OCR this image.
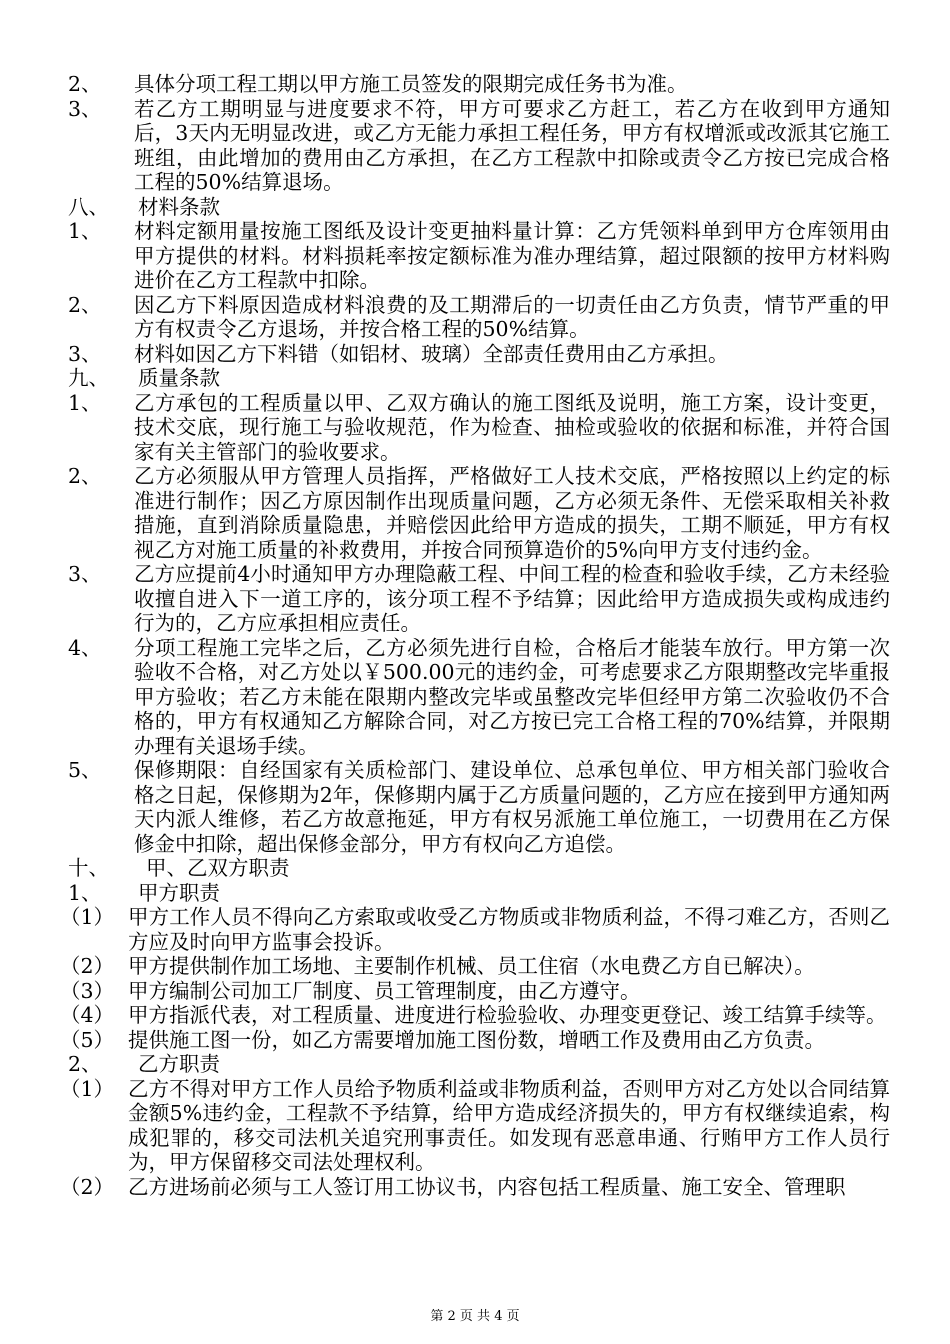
2、 具体分项工程工期以甲方施工员签发的限期完成任务书为准。
3、 若乙方工期明显与进度要求不符，甲方可要求乙方赶工，若乙方在收到甲方通知后，3天内无明显改进，或乙方无能力承担工程任务，甲方有权增派或改派其它施工班组，由此增加的费用由乙方承担，在乙方工程款中扣除或责令乙方按已完成合格工程的50%结算退场。
八、 材料条款
1、 材料定额用量按施工图纸及设计变更抽料量计算：乙方凭领料单到甲方仓库领用由甲方提供的材料。材料损耗率按定额标准为准办理结算，超过限额的按甲方材料购进价在乙方工程款中扣除。
2、 因乙方下料原因造成材料浪费的及工期滞后的一切责任由乙方负责，情节严重的甲方有权责令乙方退场，并按合格工程的50%结算。
3、 材料如因乙方下料错（如铝材、玻璃）全部责任费用由乙方承担。
九、 质量条款
1、 乙方承包的工程质量以甲、乙双方确认的施工图纸及说明，施工方案，设计变更，技术交底，现行施工与验收规范，作为检查、抽检或验收的依据和标准，并符合国家有关主管部门的验收要求。
2、 乙方必须服从甲方管理人员指挥，严格做好工人技术交底，严格按照以上约定的标准进行制作；因乙方原因制作出现质量问题，乙方必须无条件、无偿采取相关补救措施，直到消除质量隐患，并赔偿因此给甲方造成的损失，工期不顺延，甲方有权视乙方对施工质量的补救费用，并按合同预算造价的5%向甲方支付违约金。
3、 乙方应提前4小时通知甲方办理隐蔽工程、中间工程的检查和验收手续，乙方未经验收擅自进入下一道工序的，该分项工程不予结算；因此给甲方造成损失或构成违约行为的，乙方应承担相应责任。
4、 分项工程施工完毕之后，乙方必须先进行自检，合格后才能装车放行。甲方第一次验收不合格，对乙方处以￥500.00元的违约金，可考虑要求乙方限期整改完毕重报甲方验收；若乙方未能在限期内整改完毕或虽整改完毕但经甲方第二次验收仍不合格的，甲方有权通知乙方解除合同，对乙方按已完工合格工程的70%结算，并限期办理有关退场手续。
5、 保修期限：自经国家有关质检部门、建设单位、总承包单位、甲方相关部门验收合格之日起，保修期为2年，保修期内属于乙方质量问题的，乙方应在接到甲方通知两天内派人维修，若乙方故意拖延，甲方有权另派施工单位施工，一切费用在乙方保修金中扣除，超出保修金部分，甲方有权向乙方追偿。
十、 甲、乙双方职责
1、 甲方职责
（1） 甲方工作人员不得向乙方索取或收受乙方物质或非物质利益，不得刁难乙方，否则乙方应及时向甲方监事会投诉。
（2） 甲方提供制作加工场地、主要制作机械、员工住宿（水电费乙方自已解决）。
（3） 甲方编制公司加工厂制度、员工管理制度，由乙方遵守。
（4） 甲方指派代表，对工程质量、进度进行检验验收、办理变更登记、竣工结算手续等。
（5） 提供施工图一份，如乙方需要增加施工图份数，增晒工作及费用由乙方负责。
2、 乙方职责
（1） 乙方不得对甲方工作人员给予物质利益或非物质利益，否则甲方对乙方处以合同结算金额5%违约金，工程款不予结算，给甲方造成经济损失的，甲方有权继续追索，构成犯罪的，移交司法机关追究刑事责任。如发现有恶意串通、行贿甲方工作人员行为，甲方保留移交司法处理权利。
（2） 乙方进场前必须与工人签订用工协议书，内容包括工程质量、施工安全、管理职
第 2 页 共 4 页
